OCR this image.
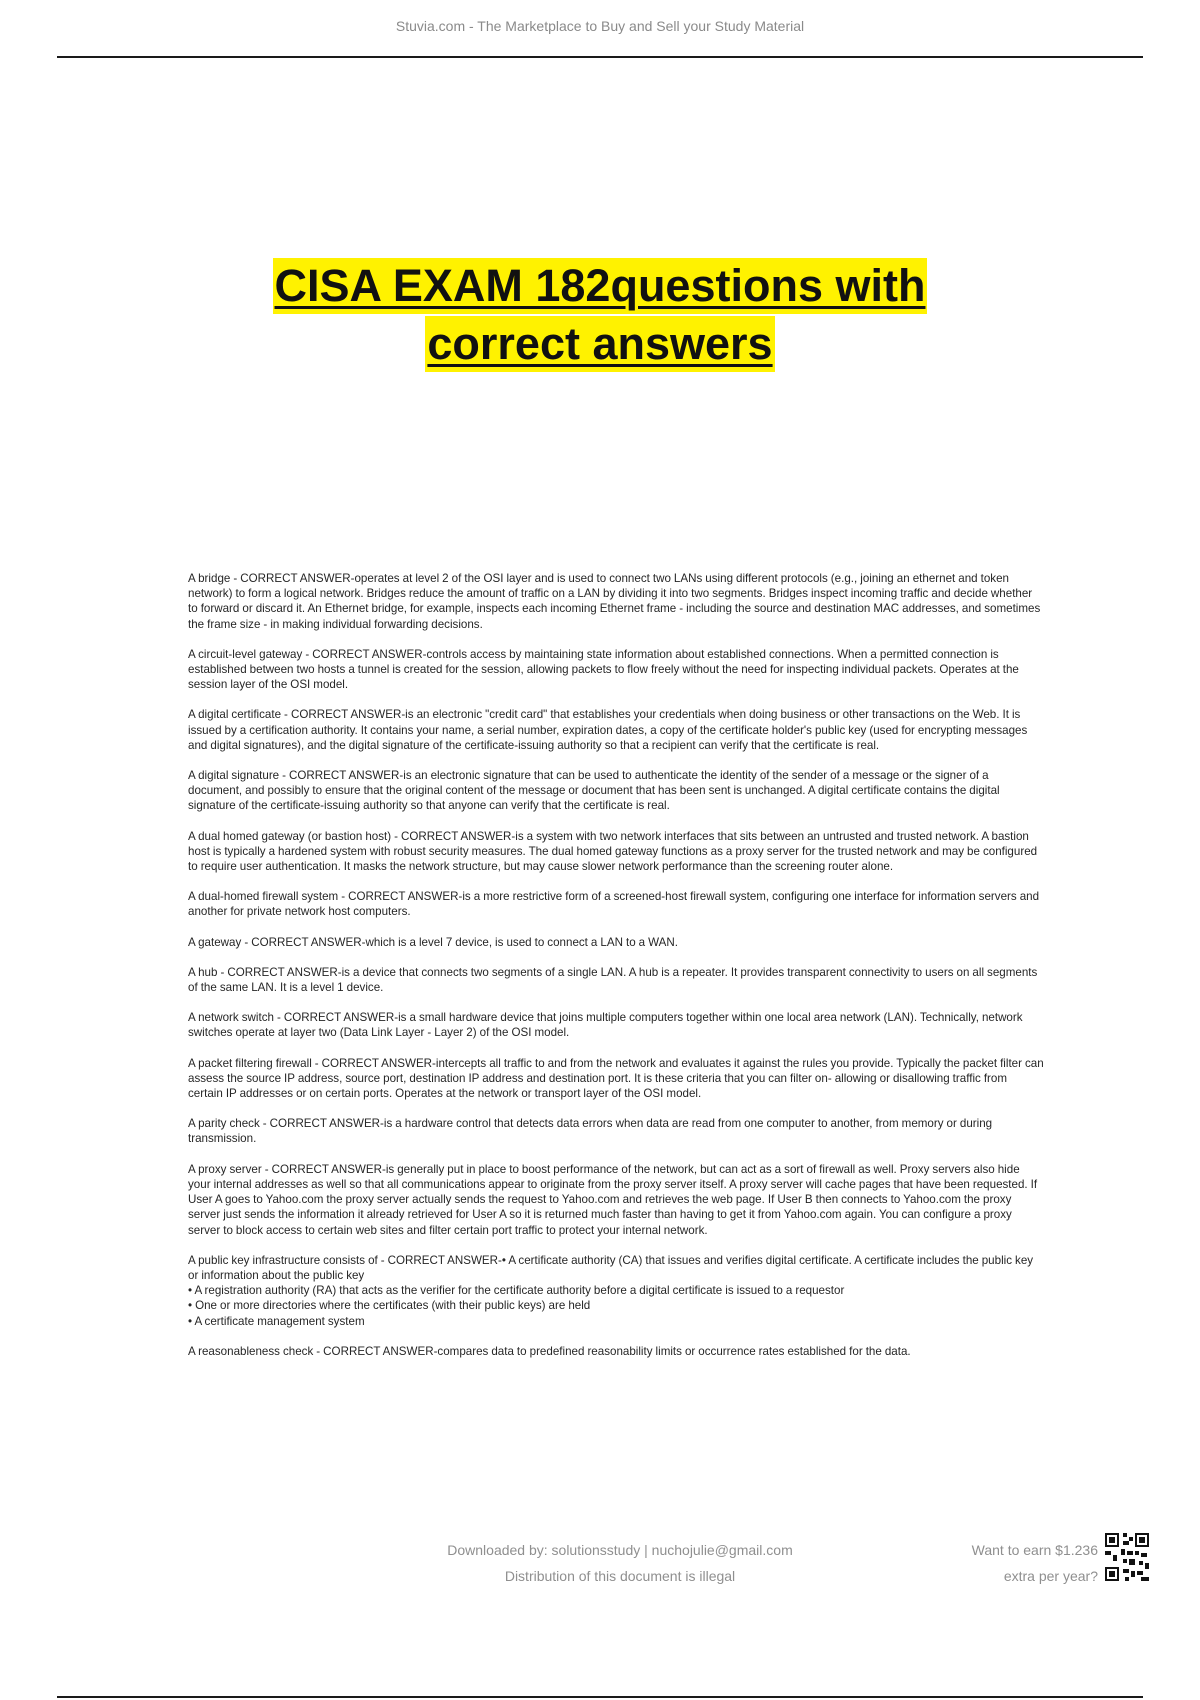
Stuvia.com - The Marketplace to Buy and Sell your Study Material
CISA EXAM 182questions with
correct answers

A bridge - CORRECT ANSWER-operates at level 2 of the OSI layer and is used to connect two LANs using different protocols (e.g., joining an ethernet and token network) to form a logical network. Bridges reduce the amount of traffic on a LAN by dividing it into two segments. Bridges inspect incoming traffic and decide whether to forward or discard it. An Ethernet bridge, for example, inspects each incoming Ethernet frame - including the source and destination MAC addresses, and sometimes the frame size - in making individual forwarding decisions.

A circuit-level gateway - CORRECT ANSWER-controls access by maintaining state information about established connections. When a permitted connection is established between two hosts a tunnel is created for the session, allowing packets to flow freely without the need for inspecting individual packets. Operates at the session layer of the OSI model.

A digital certificate - CORRECT ANSWER-is an electronic "credit card" that establishes your credentials when doing business or other transactions on the Web. It is issued by a certification authority. It contains your name, a serial number, expiration dates, a copy of the certificate holder's public key (used for encrypting messages and digital signatures), and the digital signature of the certificate-issuing authority so that a recipient can verify that the certificate is real.

A digital signature - CORRECT ANSWER-is an electronic signature that can be used to authenticate the identity of the sender of a message or the signer of a document, and possibly to ensure that the original content of the message or document that has been sent is unchanged. A digital certificate contains the digital signature of the certificate-issuing authority so that anyone can verify that the certificate is real.

A dual homed gateway (or bastion host) - CORRECT ANSWER-is a system with two network interfaces that sits between an untrusted and trusted network. A bastion host is typically a hardened system with robust security measures. The dual homed gateway functions as a proxy server for the trusted network and may be configured to require user authentication. It masks the network structure, but may cause slower network performance than the screening router alone.

A dual-homed firewall system - CORRECT ANSWER-is a more restrictive form of a screened-host firewall system, configuring one interface for information servers and another for private network host computers.

A gateway - CORRECT ANSWER-which is a level 7 device, is used to connect a LAN to a WAN.

A hub - CORRECT ANSWER-is a device that connects two segments of a single LAN. A hub is a repeater. It provides transparent connectivity to users on all segments of the same LAN. It is a level 1 device.

A network switch - CORRECT ANSWER-is a small hardware device that joins multiple computers together within one local area network (LAN). Technically, network switches operate at layer two (Data Link Layer - Layer 2) of the OSI model.

A packet filtering firewall - CORRECT ANSWER-intercepts all traffic to and from the network and evaluates it against the rules you provide. Typically the packet filter can assess the source IP address, source port, destination IP address and destination port. It is these criteria that you can filter on- allowing or disallowing traffic from certain IP addresses or on certain ports. Operates at the network or transport layer of the OSI model.

A parity check - CORRECT ANSWER-is a hardware control that detects data errors when data are read from one computer to another, from memory or during transmission.

A proxy server - CORRECT ANSWER-is generally put in place to boost performance of the network, but can act as a sort of firewall as well. Proxy servers also hide your internal addresses as well so that all communications appear to originate from the proxy server itself. A proxy server will cache pages that have been requested. If User A goes to Yahoo.com the proxy server actually sends the request to Yahoo.com and retrieves the web page. If User B then connects to Yahoo.com the proxy server just sends the information it already retrieved for User A so it is returned much faster than having to get it from Yahoo.com again. You can configure a proxy server to block access to certain web sites and filter certain port traffic to protect your internal network.

A public key infrastructure consists of - CORRECT ANSWER-• A certificate authority (CA) that issues and verifies digital certificate. A certificate includes the public key or information about the public key
• A registration authority (RA) that acts as the verifier for the certificate authority before a digital certificate is issued to a requestor
• One or more directories where the certificates (with their public keys) are held
• A certificate management system

A reasonableness check - CORRECT ANSWER-compares data to predefined reasonability limits or occurrence rates established for the data.

Downloaded by: solutionsstudy | nuchojulie@gmail.com
Distribution of this document is illegal
Want to earn $1.236
extra per year?
